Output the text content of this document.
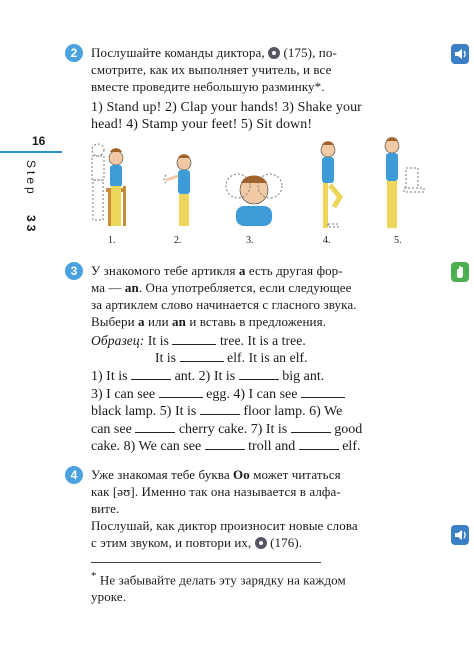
16
Step 33
2	Послушайте команды диктора, (175), по-
смотрите, как их выполняет учитель, и все
вместе проведите небольшую разминку*.
1) Stand up! 2) Clap your hands! 3) Shake your
head! 4) Stamp your feet! 5) Sit down!
1.	2.	3.	4.	5.
3	У знакомого тебе артикля a есть другая фор-
ма — an. Она употребляется, если следующее
за артиклем слово начинается с гласного звука.
Выбери a или an и вставь в предложения.
Образец: It is	tree. It is a tree.
It is	elf. It is an elf.
1) It is	ant. 2) It is	big ant.
3) I can see	egg. 4) I can see
black lamp. 5) It is	floor lamp. 6) We
can see	cherry cake. 7) It is	good
cake. 8) We can see	troll and	elf.
4	Уже знакомая тебе буква Oo может читаться
как [əʊ]. Именно так она называется в алфа-
вите.
Послушай, как диктор произносит новые слова
с этим звуком, и повтори их, (176).
* Не забывайте делать эту зарядку на каждом
уроке.
